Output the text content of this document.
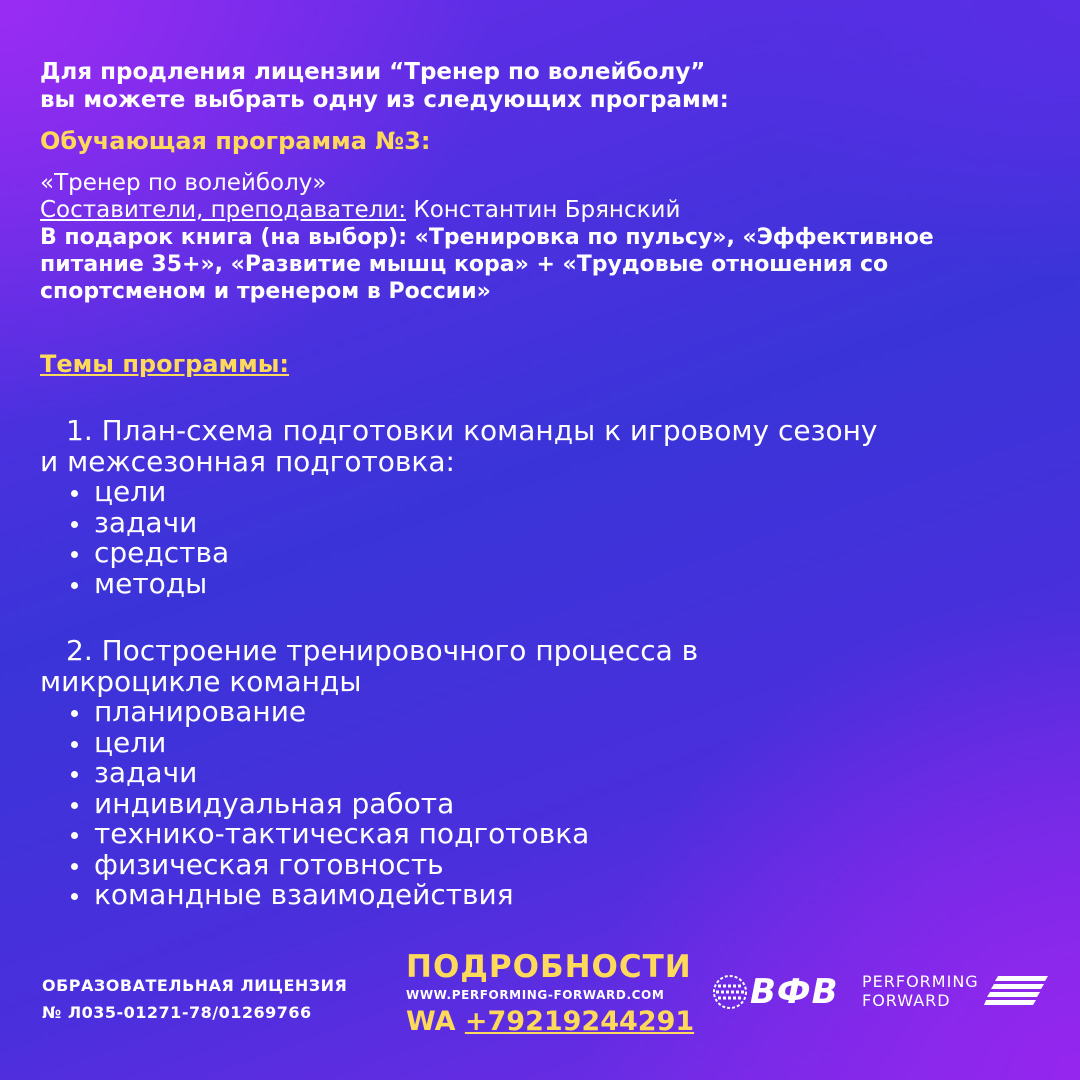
Для продления лицензии “Тренер по волейболу”
вы можете выбрать одну из следующих программ:

Обучающая программа №3:
«Тренер по волейболу»
Составители, преподаватели: Константин Брянский
В подарок книга (на выбор): «Тренировка по пульсу», «Эффективное
питание 35+», «Развитие мышц кора» + «Трудовые отношения со
спортсменом и тренером в России»
Темы программы:
1. План-схема подготовки команды к игровому сезону
и межсезонная подготовка:
цели
задачи
средства
методы
2. Построение тренировочного процесса в
микроцикле команды
планирование
цели
задачи
индивидуальная работа
технико-тактическая подготовка
физическая готовность
командные взаимодействия
ОБРАЗОВАТЕЛЬНАЯ ЛИЦЕНЗИЯ
№ Л035-01271-78/01269766
ПОДРОБНОСТИ
WWW.PERFORMING-FORWARD.COM
WA +79219244291
ВФВ PERFORMING
FORWARD
